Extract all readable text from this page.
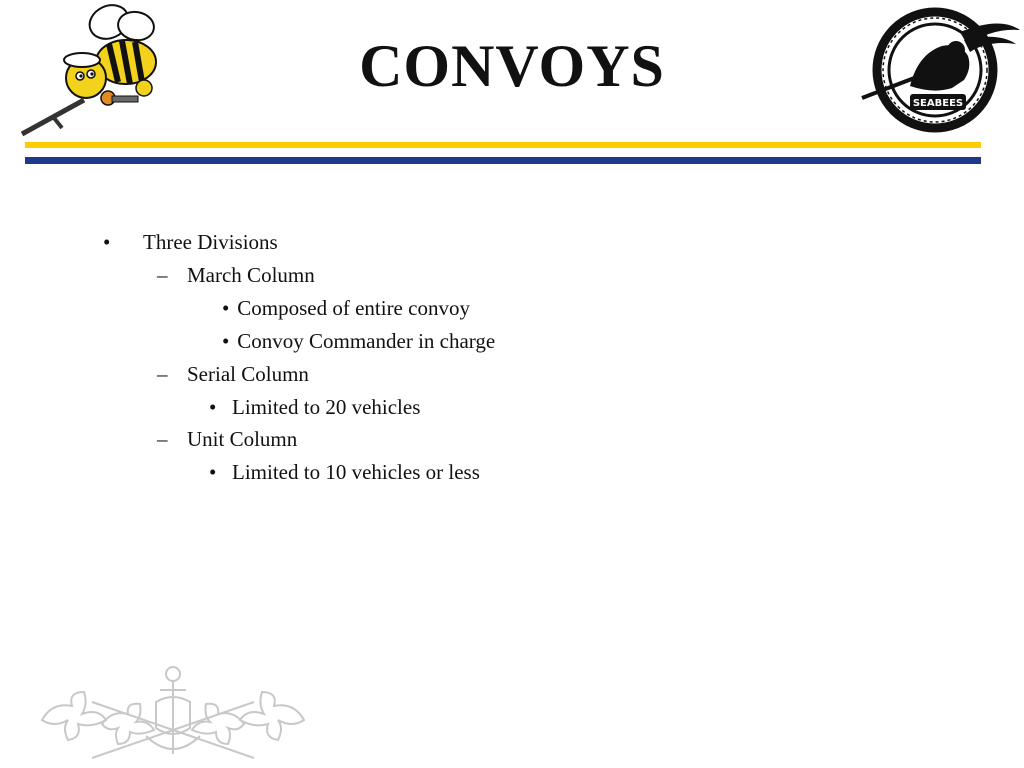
CONVOYS
SEABEES
• Three Divisions
– March Column
• Composed of entire convoy
• Convoy Commander in charge
– Serial Column
• Limited to 20 vehicles
– Unit Column
• Limited to 10 vehicles or less
